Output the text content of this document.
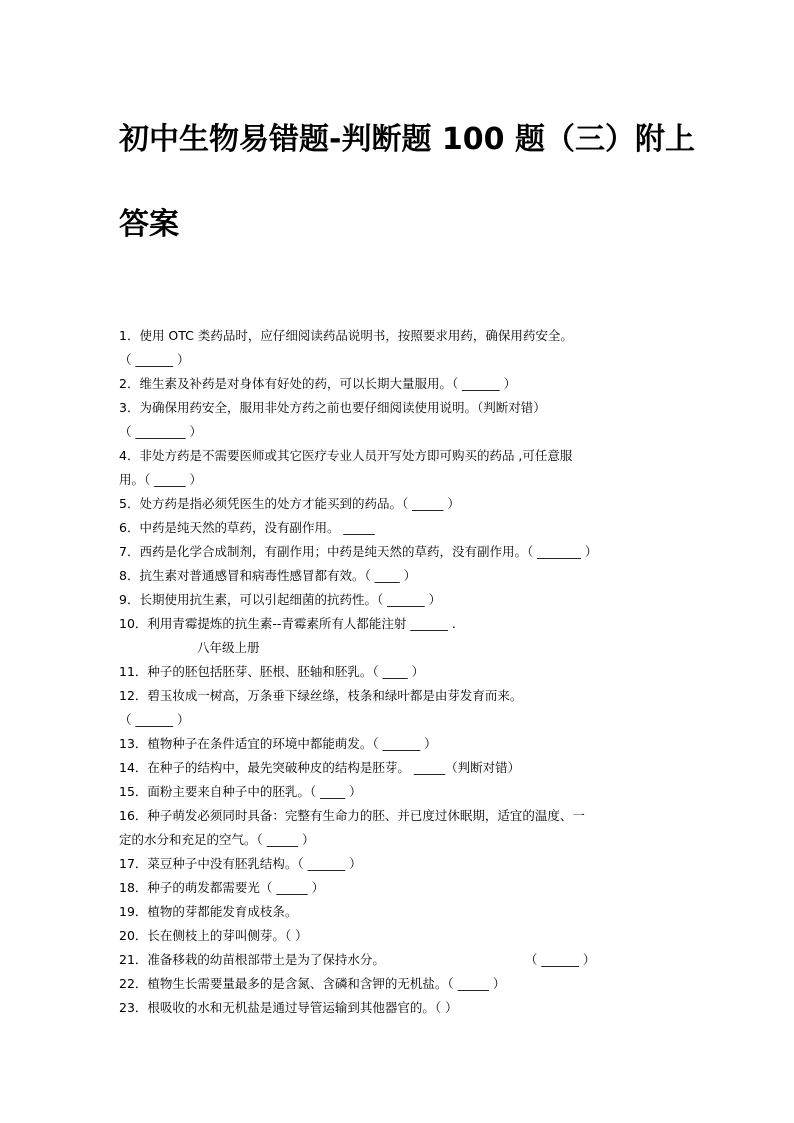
初中生物易错题-判断题 100 题（三）附上
答案
1．使用 OTC 类药品时，应仔细阅读药品说明书，按照要求用药，确保用药安全。
（ ______ ）
2．维生素及补药是对身体有好处的药，可以长期大量服用。（ ______ ）
3．为确保用药安全，服用非处方药之前也要仔细阅读使用说明。（判断对错）
（ ________ ）
4．非处方药是不需要医师或其它医疗专业人员开写处方即可购买的药品 ,可任意服
用。（ _____ ）
5．处方药是指必须凭医生的处方才能买到的药品。（ _____ ）
6．中药是纯天然的草药，没有副作用。 _____
7．西药是化学合成制剂，有副作用；中药是纯天然的草药，没有副作用。（ _______ ）
8．抗生素对普通感冒和病毒性感冒都有效。（ ____ ）
9．长期使用抗生素，可以引起细菌的抗药性。（ ______ ）
10．利用青霉提炼的抗生素--青霉素所有人都能注射 ______ .
八年级上册
11．种子的胚包括胚芽、胚根、胚轴和胚乳。（ ____ ）
12．碧玉妆成一树高，万条垂下绿丝绦，枝条和绿叶都是由芽发育而来。
（ ______ ）
13．植物种子在条件适宜的环境中都能萌发。（ ______ ）
14．在种子的结构中，最先突破种皮的结构是胚芽。 _____（判断对错）
15．面粉主要来自种子中的胚乳。（ ____ ）
16．种子萌发必须同时具备：完整有生命力的胚、并已度过休眠期，适宜的温度、一
定的水分和充足的空气。（ _____ ）
17．菜豆种子中没有胚乳结构。（ ______ ）
18．种子的萌发都需要光（ _____ ）
19．植物的芽都能发育成枝条。
20．长在侧枝上的芽叫侧芽。（ ）
21．准备移栽的幼苗根部带土是为了保持水分。	（ ______ ）
22．植物生长需要量最多的是含氮、含磷和含钾的无机盐。（ _____ ）
23．根吸收的水和无机盐是通过导管运输到其他器官的。（ ）
